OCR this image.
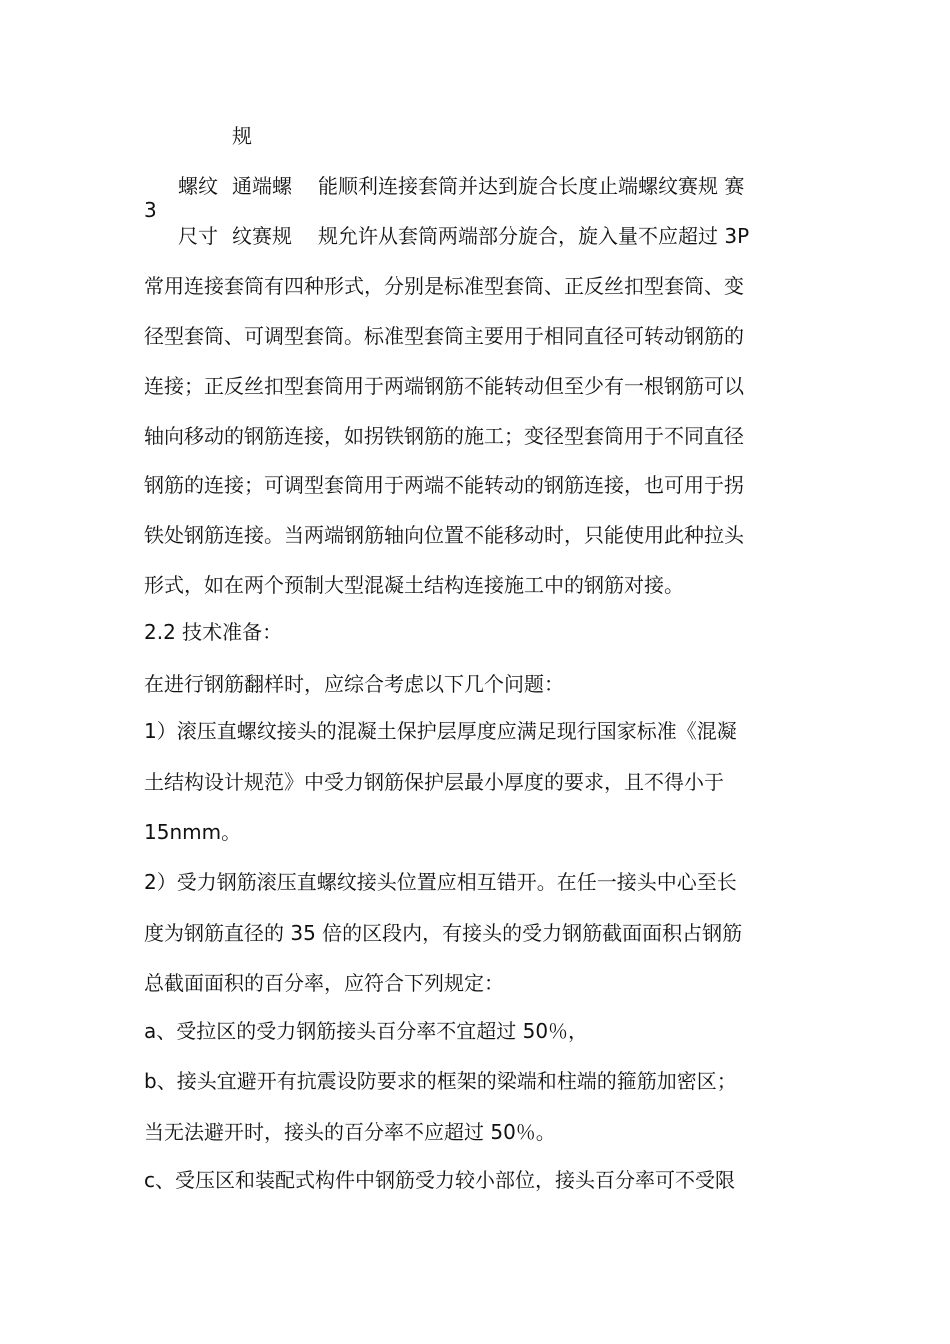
规

螺纹 通端螺 能顺利连接套筒并达到旋合长度止端螺纹赛规 赛

3

尺寸 纹赛规 规允许从套筒两端部分旋合，旋入量不应超过 3P

常用连接套筒有四种形式，分别是标准型套筒、正反丝扣型套筒、变

径型套筒、可调型套筒。标准型套筒主要用于相同直径可转动钢筋的

连接；正反丝扣型套筒用于两端钢筋不能转动但至少有一根钢筋可以

轴向移动的钢筋连接，如拐铁钢筋的施工；变径型套筒用于不同直径

钢筋的连接；可调型套筒用于两端不能转动的钢筋连接，也可用于拐

铁处钢筋连接。当两端钢筋轴向位置不能移动时，只能使用此种拉头

形式，如在两个预制大型混凝土结构连接施工中的钢筋对接。

2.2 技术准备：

在进行钢筋翻样时，应综合考虑以下几个问题：

1）滚压直螺纹接头的混凝土保护层厚度应满足现行国家标准《混凝

土结构设计规范》中受力钢筋保护层最小厚度的要求，且不得小于

15nmm。

2）受力钢筋滚压直螺纹接头位置应相互错开。在任一接头中心至长

度为钢筋直径的 35 倍的区段内，有接头的受力钢筋截面面积占钢筋

总截面面积的百分率，应符合下列规定：

a、受拉区的受力钢筋接头百分率不宜超过 50％，

b、接头宜避开有抗震设防要求的框架的梁端和柱端的箍筋加密区；

当无法避开时，接头的百分率不应超过 50％。

c、受压区和装配式构件中钢筋受力较小部位，接头百分率可不受限
